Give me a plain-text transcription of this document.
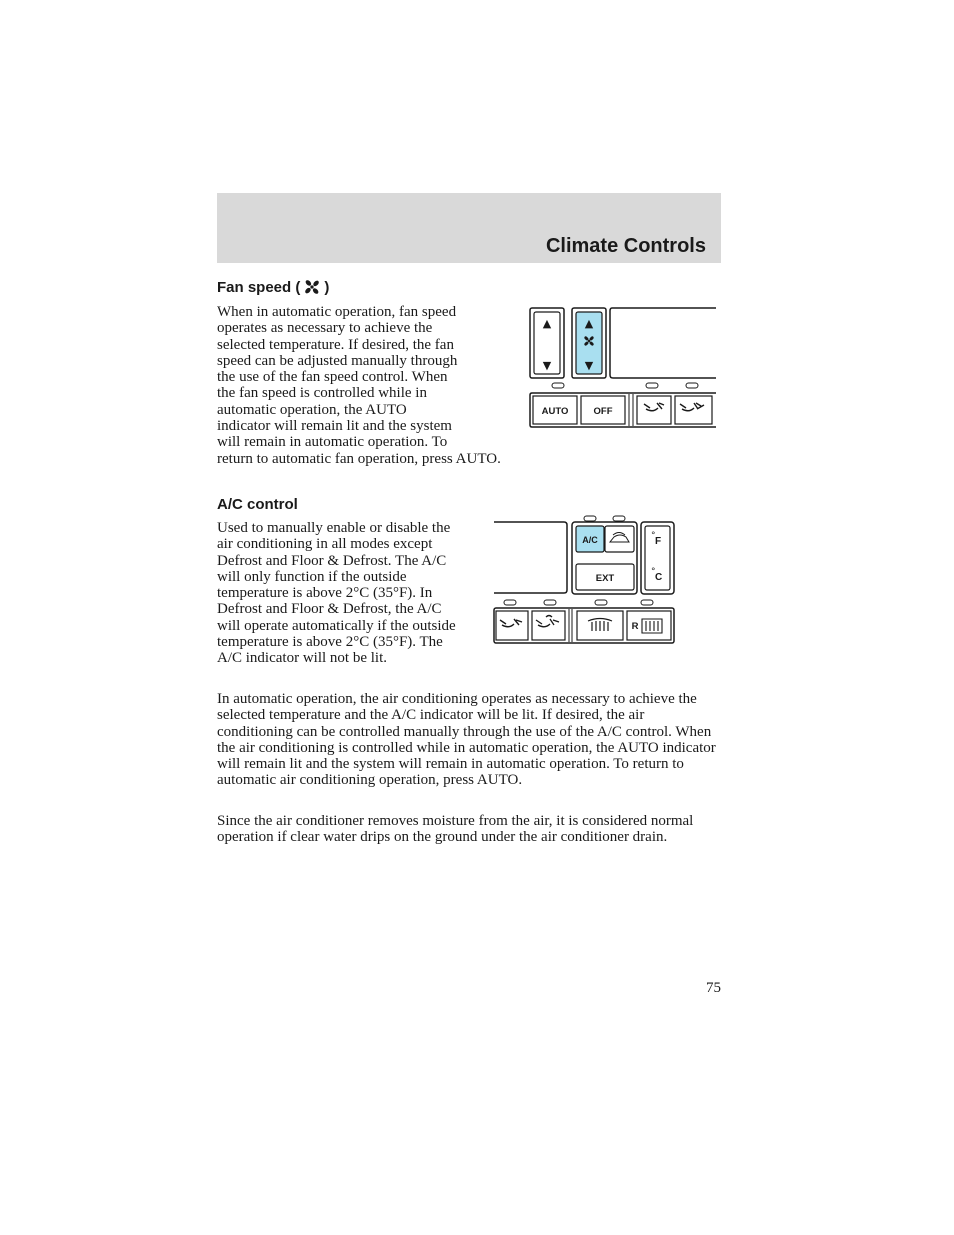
Climate Controls
Fan speed ( )
▲
▼
▲
▼
AUTO	OFF
When in automatic operation, fan speed operates as necessary to achieve the selected temperature. If desired, the fan speed can be adjusted manually through the use of the fan speed control. When the fan speed is controlled while in automatic operation, the AUTO indicator will remain lit and the system will remain in automatic operation. To return to automatic fan operation, press AUTO.
A/C control
A/C
EXT
° F
° C
R

Used to manually enable or disable the air conditioning in all modes except Defrost and Floor & Defrost. The A/C will only function if the outside temperature is above 2°C (35°F). In Defrost and Floor & Defrost, the A/C will operate automatically if the outside temperature is above 2°C (35°F). The A/C indicator will not be lit.

In automatic operation, the air conditioning operates as necessary to achieve the selected temperature and the A/C indicator will be lit. If desired, the air conditioning can be controlled manually through the use of the A/C control. When the air conditioning is controlled while in automatic operation, the AUTO indicator will remain lit and the system will remain in automatic operation. To return to automatic air conditioning operation, press AUTO.

Since the air conditioner removes moisture from the air, it is considered normal operation if clear water drips on the ground under the air conditioner drain.

75
